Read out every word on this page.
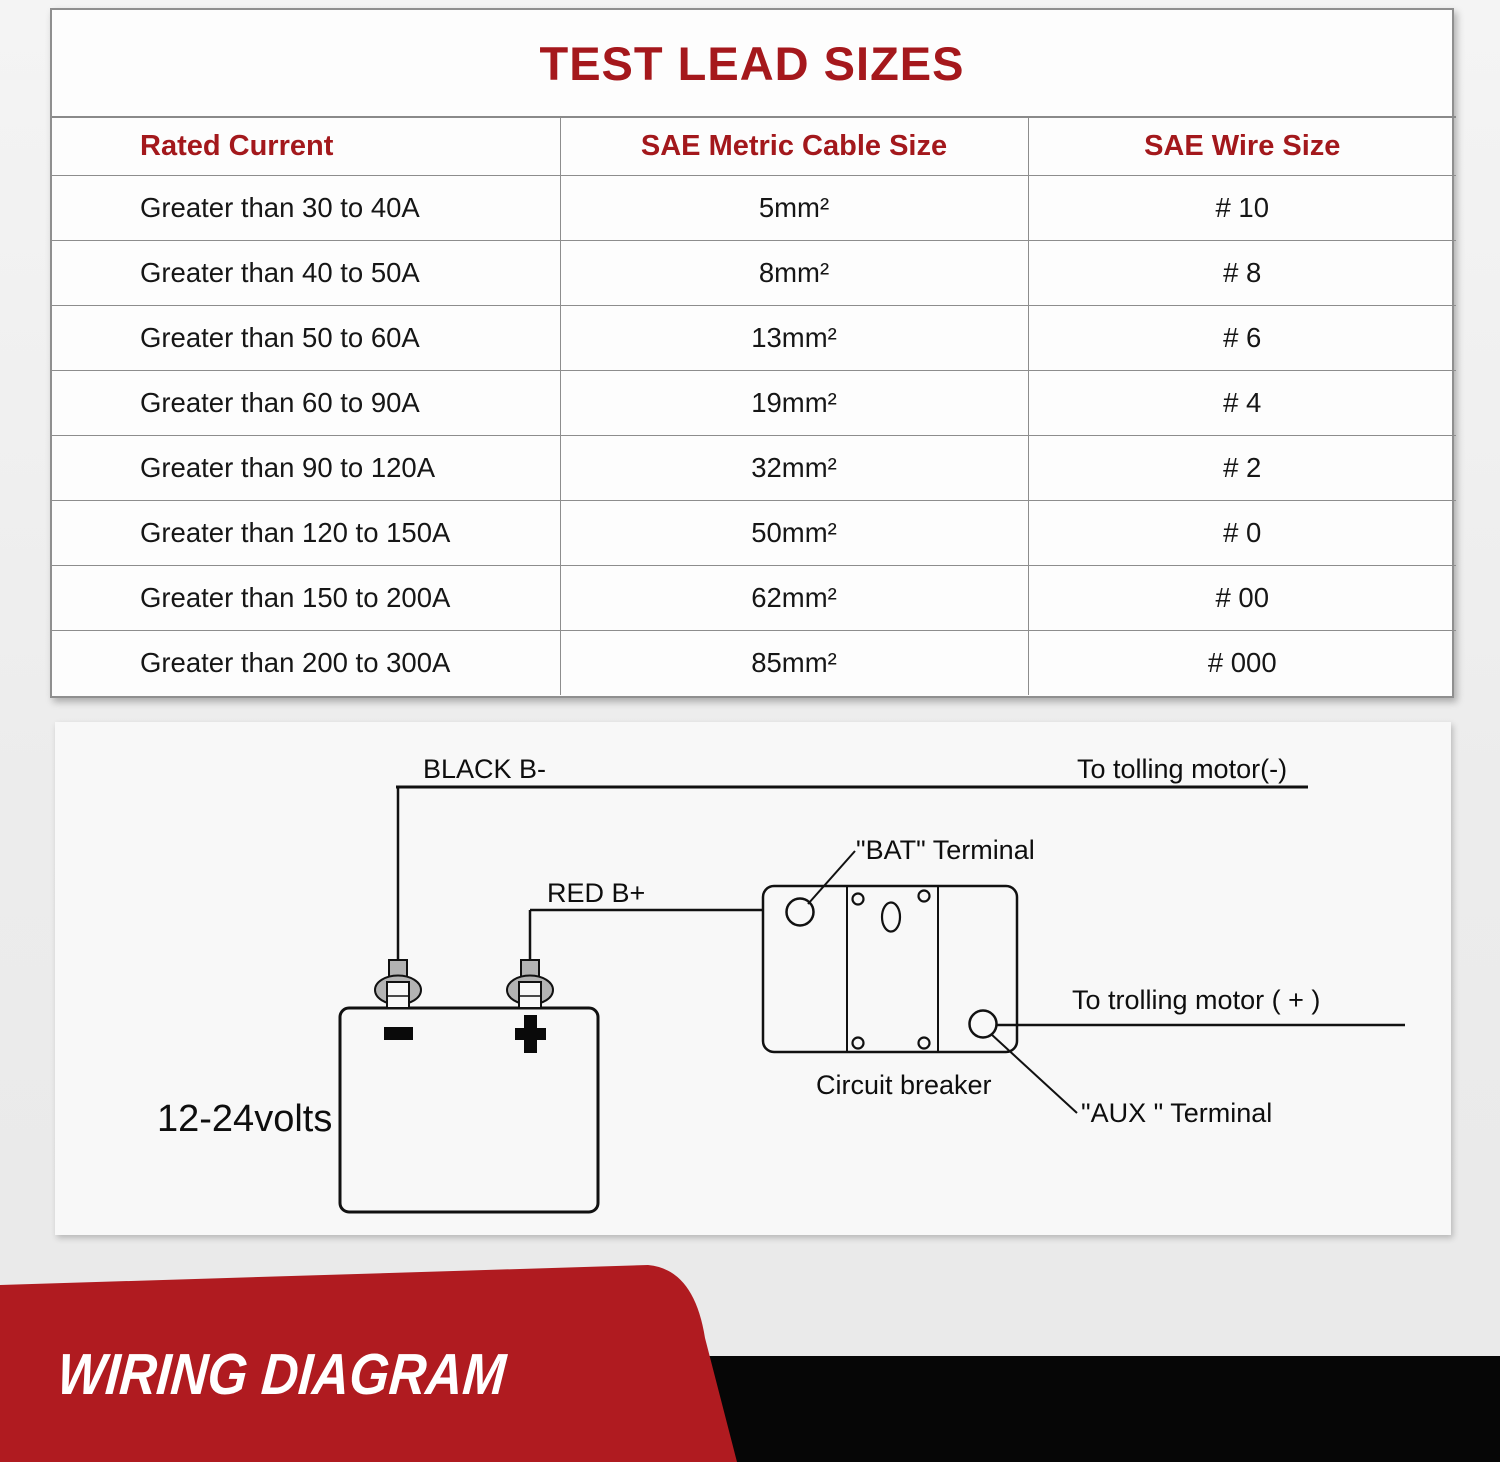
TEST LEAD SIZES
Rated Current	SAE Metric Cable Size	SAE Wire Size
Greater than 30 to 40A	5mm²	# 10
Greater than 40 to 50A	8mm²	# 8
Greater than 50 to 60A	13mm²	# 6
Greater than 60 to 90A	19mm²	# 4
Greater than 90 to 120A	32mm²	# 2
Greater than 120 to 150A	50mm²	# 0
Greater than 150 to 200A	62mm²	# 00
Greater than 200 to 300A	85mm²	# 000
BLACK B-	To tolling motor(-)
RED B+
"BAT" Terminal
To trolling motor ( + )
"AUX " Terminal
Circuit breaker
12-24volts
WIRING DIAGRAM
